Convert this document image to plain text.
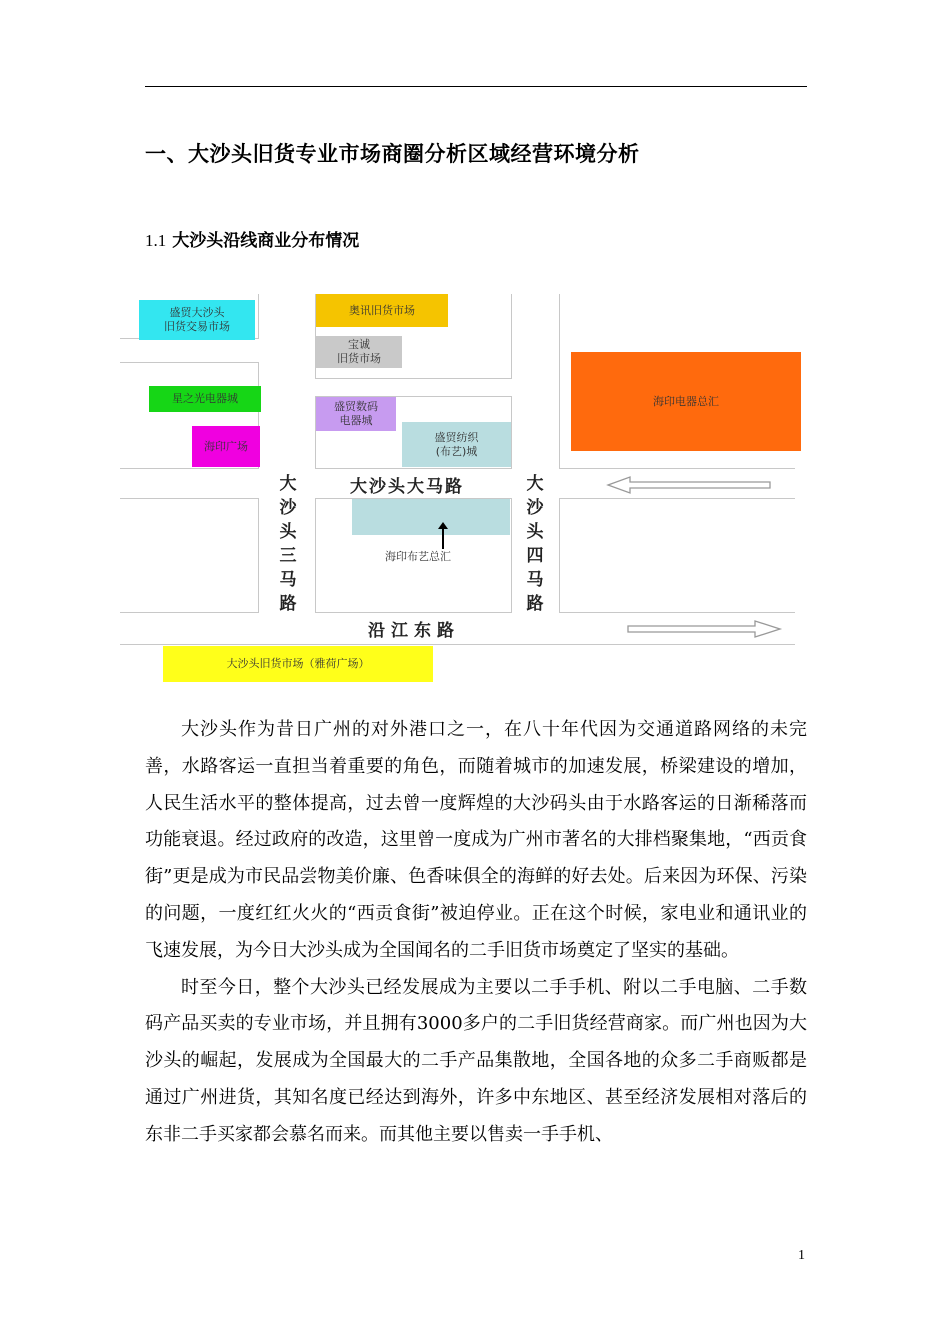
一、大沙头旧货专业市场商圈分析区域经营环境分析
1.1 大沙头沿线商业分布情况
盛贸大沙头
旧货交易市场
奥讯旧货市场
宝诚
旧货市场
星之光电器城
海印广场
盛贸数码
电器城
盛贸纺织
(布艺)城
海印电器总汇
海印布艺总汇
大沙头旧货市场（雅荷广场）
大沙头大马路
沿江东路
大沙头三马路
大沙头四马路

大沙头作为昔日广州的对外港口之一，在八十年代因为交通道路网络的未完善，水路客运一直担当着重要的角色，而随着城市的加速发展，桥梁建设的增加，人民生活水平的整体提高，过去曾一度辉煌的大沙码头由于水路客运的日渐稀落而功能衰退。经过政府的改造，这里曾一度成为广州市著名的大排档聚集地，“西贡食街”更是成为市民品尝物美价廉、色香味俱全的海鲜的好去处。后来因为环保、污染的问题，一度红红火火的“西贡食街”被迫停业。正在这个时候，家电业和通讯业的飞速发展，为今日大沙头成为全国闻名的二手旧货市场奠定了坚实的基础。

时至今日，整个大沙头已经发展成为主要以二手手机、附以二手电脑、二手数码产品买卖的专业市场，并且拥有3000多户的二手旧货经营商家。而广州也因为大沙头的崛起，发展成为全国最大的二手产品集散地，全国各地的众多二手商贩都是通过广州进货，其知名度已经达到海外，许多中东地区、甚至经济发展相对落后的东非二手买家都会慕名而来。而其他主要以售卖一手手机、

1
